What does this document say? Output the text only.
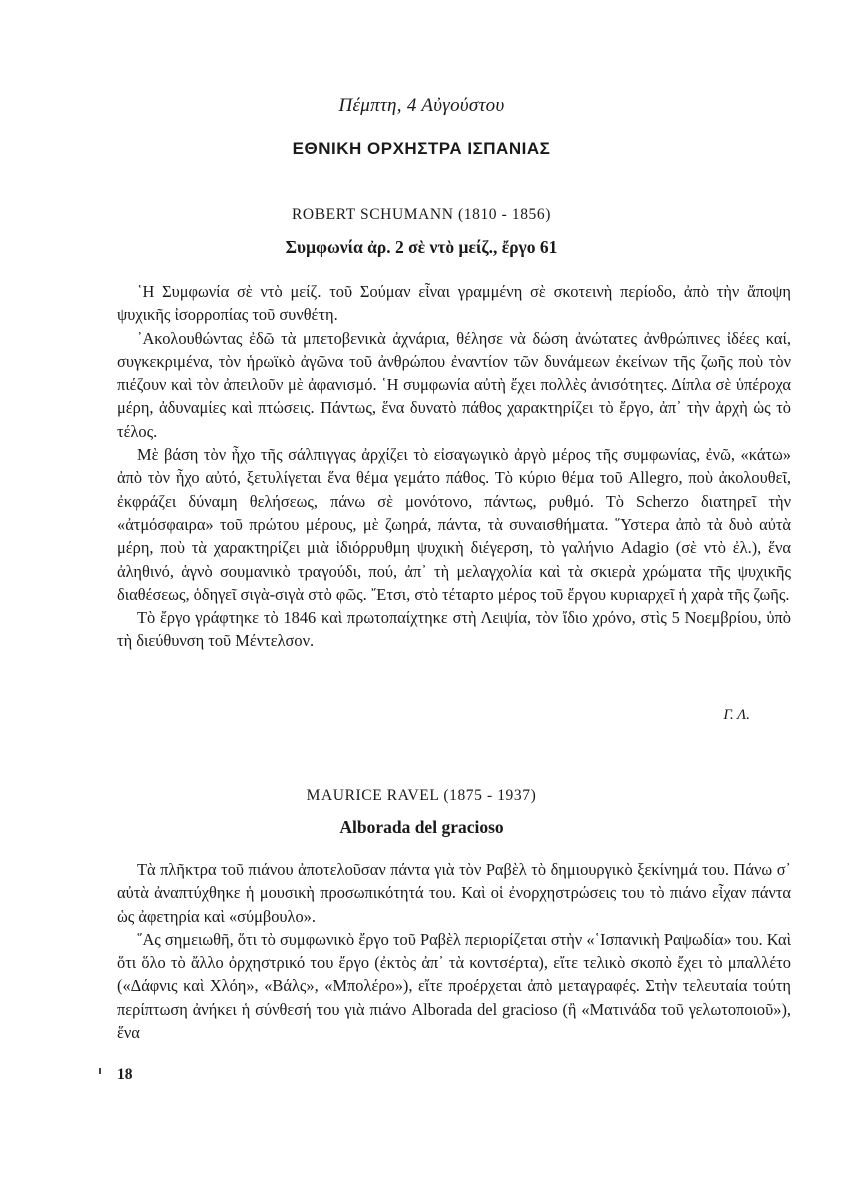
Πέμπτη, 4 Αὐγούστου
ΕΘΝΙΚΗ ΟΡΧΗΣΤΡΑ ΙΣΠΑΝΙΑΣ
ROBERT SCHUMANN (1810 - 1856)
Συμφωνία ἀρ. 2 σὲ ντὸ μείζ., ἔργο 61

῾Η Συμφωνία σὲ ντὸ μείζ. τοῦ Σούμαν εἶναι γραμμένη σὲ σκοτεινὴ περίοδο, ἀπὸ τὴν ἄποψη ψυχικῆς ἰσορροπίας τοῦ συνθέτη.

᾿Ακολουθώντας ἐδῶ τὰ μπετοβενικὰ ἀχνάρια, θέλησε νὰ δώση ἀνώτατες ἀνθρώπινες ἰδέες καί, συγκεκριμένα, τὸν ἡρωϊκὸ ἀγῶνα τοῦ ἀνθρώπου ἐναντίον τῶν δυνάμεων ἐκείνων τῆς ζωῆς ποὺ τὸν πιέζουν καὶ τὸν ἀπειλοῦν μὲ ἀφανισμό. ῾Η συμφωνία αὐτὴ ἔχει πολλὲς ἀνισότητες. Δίπλα σὲ ὑπέροχα μέρη, ἀδυναμίες καὶ πτώσεις. Πάντως, ἕνα δυνατὸ πάθος χαρακτηρίζει τὸ ἔργο, ἀπ᾿ τὴν ἀρχὴ ὡς τὸ τέλος.

Μὲ βάση τὸν ἦχο τῆς σάλπιγγας ἀρχίζει τὸ εἰσαγωγικὸ ἀργὸ μέρος τῆς συμφωνίας, ἐνῶ, «κάτω» ἀπὸ τὸν ἦχο αὐτό, ξετυλίγεται ἕνα θέμα γεμάτο πάθος. Τὸ κύριο θέμα τοῦ Allegro, ποὺ ἀκολουθεῖ, ἐκφράζει δύναμη θελήσεως, πάνω σὲ μονότονο, πάντως, ρυθμό. Τὸ Scherzo διατηρεῖ τὴν «ἀτμόσφαιρα» τοῦ πρώτου μέρους, μὲ ζωηρά, πάντα, τὰ συναισθήματα. ῞Υστερα ἀπὸ τὰ δυὸ αὐτὰ μέρη, ποὺ τὰ χαρακτηρίζει μιὰ ἰδιόρρυθμη ψυχικὴ διέγερση, τὸ γαλήνιο Adagio (σὲ ντὸ ἐλ.), ἕνα ἀληθινό, ἁγνὸ σουμανικὸ τραγούδι, πού, ἀπ᾿ τὴ μελαγχολία καὶ τὰ σκιερὰ χρώματα τῆς ψυχικῆς διαθέσεως, ὁδηγεῖ σιγὰ-σιγὰ στὸ φῶς. ῎Ετσι, στὸ τέταρτο μέρος τοῦ ἔργου κυριαρχεῖ ἡ χαρὰ τῆς ζωῆς.

Τὸ ἔργο γράφτηκε τὸ 1846 καὶ πρωτοπαίχτηκε στὴ Λειψία, τὸν ἴδιο χρόνο, στὶς 5 Νοεμβρίου, ὑπὸ τὴ διεύθυνση τοῦ Μέντελσον.

Γ. Λ.
MAURICE RAVEL (1875 - 1937)
Alborada del gracioso

Τὰ πλῆκτρα τοῦ πιάνου ἀποτελοῦσαν πάντα γιὰ τὸν Ραβὲλ τὸ δημιουργικὸ ξεκίνημά του. Πάνω σ᾿ αὐτὰ ἀναπτύχθηκε ἡ μουσικὴ προσωπικότητά του. Καὶ οἱ ἐνορχηστρώσεις του τὸ πιάνο εἶχαν πάντα ὡς ἀφετηρία καὶ «σύμβουλο».

῞Ας σημειωθῆ, ὅτι τὸ συμφωνικὸ ἔργο τοῦ Ραβὲλ περιορίζεται στὴν «῾Ισπανικὴ Ραψωδία» του. Καὶ ὅτι ὅλο τὸ ἄλλο ὀρχηστρικό του ἔργο (ἐκτὸς ἀπ᾿ τὰ κοντσέρτα), εἴτε τελικὸ σκοπὸ ἔχει τὸ μπαλλέτο («Δάφνις καὶ Χλόη», «Βάλς», «Μπολέρο»), εἴτε προέρχεται ἀπὸ μεταγραφές. Στὴν τελευταία τούτη περίπτωση ἀνήκει ἡ σύνθεσή του γιὰ πιάνο Alborada del gracioso (ἢ «Ματινάδα τοῦ γελωτοποιοῦ»), ἕνα

18
